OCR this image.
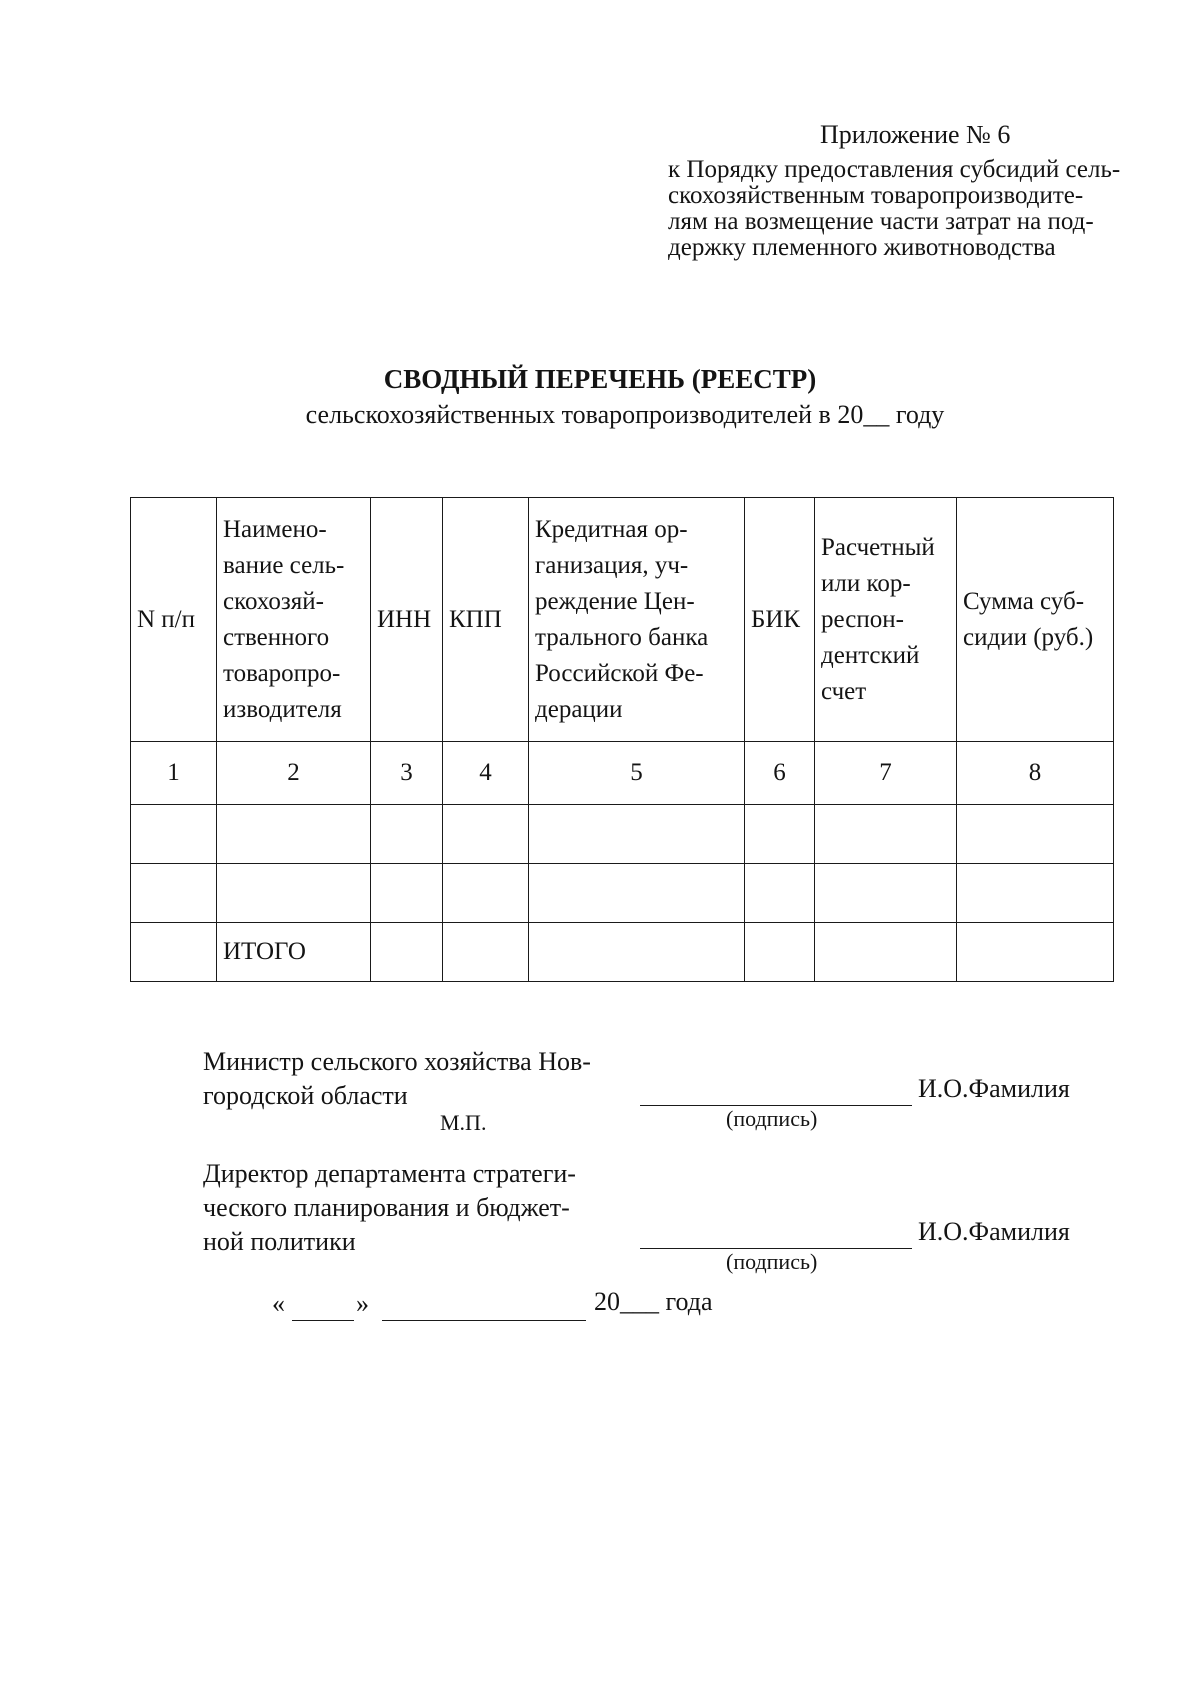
Приложение № 6
к Порядку предоставления субсидий сель-
скохозяйственным товаропроизводите-
лям на возмещение части затрат на под-
держку племенного животноводства
СВОДНЫЙ ПЕРЕЧЕНЬ (РЕЕСТР)
сельскохозяйственных товаропроизводителей в 20__ году
N п/п	Наимено- вание сель- скохозяй- ственного товаропро- изводителя	ИНН	КПП	Кредитная ор- ганизация, уч- реждение Цен- трального банка Российской Фе- дерации	БИК	Расчетный или кор- респон- дентский счет	Сумма суб- сидии (руб.)
1	2	3	4	5	6	7	8

	ИТОГО						
Министр сельского хозяйства Нов-
городской области
М.П.	(подпись)
И.О.Фамилия
Директор департамента стратеги-
ческого планирования и бюджет-
ной политики
(подпись)
И.О.Фамилия
«	»	20___ года
